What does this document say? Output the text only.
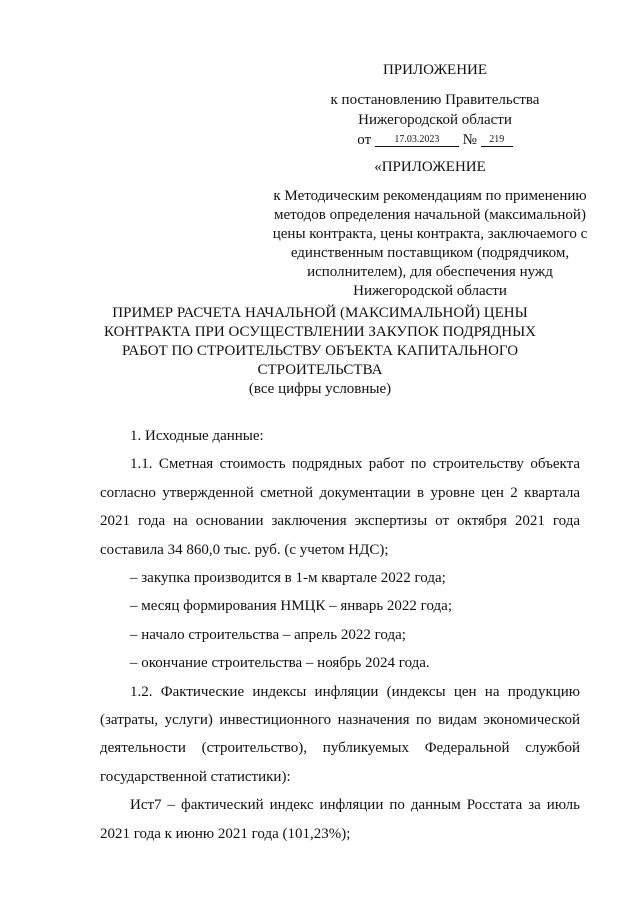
ПРИЛОЖЕНИЕ
к постановлению Правительства
Нижегородской области
от 17.03.2023 № 219
«ПРИЛОЖЕНИЕ
к Методическим рекомендациям по применению методов определения начальной (максимальной) цены контракта, цены контракта, заключаемого с единственным поставщиком (подрядчиком, исполнителем), для обеспечения нужд Нижегородской области
ПРИМЕР РАСЧЕТА НАЧАЛЬНОЙ (МАКСИМАЛЬНОЙ) ЦЕНЫ
КОНТРАКТА ПРИ ОСУЩЕСТВЛЕНИИ ЗАКУПОК ПОДРЯДНЫХ
РАБОТ ПО СТРОИТЕЛЬСТВУ ОБЪЕКТА КАПИТАЛЬНОГО
СТРОИТЕЛЬСТВА
(все цифры условные)

1. Исходные данные:

1.1. Сметная стоимость подрядных работ по строительству объекта согласно утвержденной сметной документации в уровне цен 2 квартала 2021 года на основании заключения экспертизы от октября 2021 года составила 34 860,0 тыс. руб. (с учетом НДС);

– закупка производится в 1-м квартале 2022 года;

– месяц формирования НМЦК – январь 2022 года;

– начало строительства – апрель 2022 года;

– окончание строительства – ноябрь 2024 года.

1.2. Фактические индексы инфляции (индексы цен на продукцию (затраты, услуги) инвестиционного назначения по видам экономической деятельности (строительство), публикуемых Федеральной службой государственной статистики):

Ист7 – фактический индекс инфляции по данным Росстата за июль 2021 года к июню 2021 года (101,23%);
